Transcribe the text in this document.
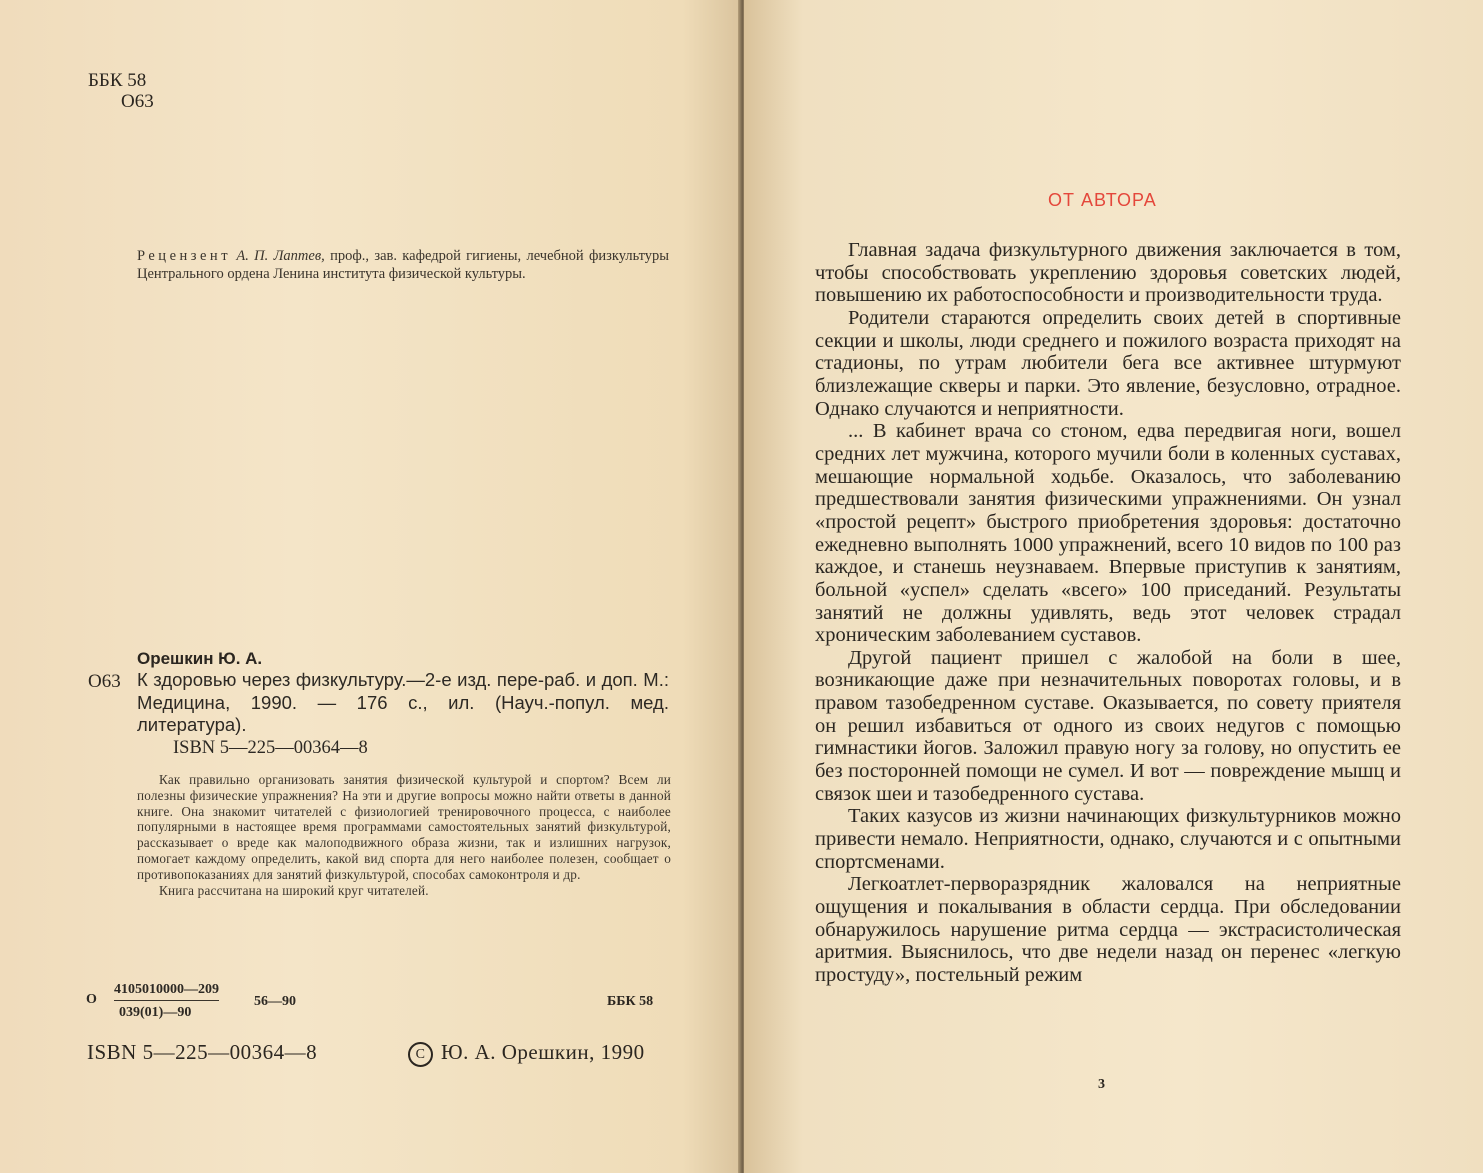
ББК 58
О63
Рецензент А. П. Лаптев, проф., зав. кафедрой гигиены, лечебной физкультуры Центрального ордена Ленина института физической культуры.
Орешкин Ю. А.
О63 К здоровью через физкультуру.—2-е изд. пере-раб. и доп. М.: Медицина, 1990. — 176 с., ил. (Науч.-попул. мед. литература).
ISBN 5—225—00364—8

Как правильно организовать занятия физической культурой и спортом? Всем ли полезны физические упражнения? На эти и другие вопросы можно найти ответы в данной книге. Она знакомит читателей с физиологией тренировочного процесса, с наиболее популярными в настоящее время программами самостоятельных занятий физкультурой, рассказывает о вреде как малоподвижного образа жизни, так и излишних нагрузок, помогает каждому определить, какой вид спорта для него наиболее полезен, сообщает о противопоказаниях для занятий физкультурой, способах самоконтроля и др.

Книга рассчитана на широкий круг читателей.

О
4105010000—209
039(01)—90
56—90	ББК 58
ISBN 5—225—00364—8	C Ю. А. Орешкин, 1990
ОТ АВТОРА

Главная задача физкультурного движения заключается в том, чтобы способствовать укреплению здоровья советских людей, повышению их работоспособности и производительности труда.

Родители стараются определить своих детей в спортивные секции и школы, люди среднего и пожилого возраста приходят на стадионы, по утрам любители бега все активнее штурмуют близлежащие скверы и парки. Это явление, безусловно, отрадное. Однако случаются и неприятности.

... В кабинет врача со стоном, едва передвигая ноги, вошел средних лет мужчина, которого мучили боли в коленных суставах, мешающие нормальной ходьбе. Оказалось, что заболеванию предшествовали занятия физическими упражнениями. Он узнал «простой рецепт» быстрого приобретения здоровья: достаточно ежедневно выполнять 1000 упражнений, всего 10 видов по 100 раз каждое, и станешь неузнаваем. Впервые приступив к занятиям, больной «успел» сделать «всего» 100 приседаний. Результаты занятий не должны удивлять, ведь этот человек страдал хроническим заболеванием суставов.

Другой пациент пришел с жалобой на боли в шее, возникающие даже при незначительных поворотах головы, и в правом тазобедренном суставе. Оказывается, по совету приятеля он решил избавиться от одного из своих недугов с помощью гимнастики йогов. Заложил правую ногу за голову, но опустить ее без посторонней помощи не сумел. И вот — повреждение мышц и связок шеи и тазобедренного сустава.

Таких казусов из жизни начинающих физкультурников можно привести немало. Неприятности, однако, случаются и с опытными спортсменами.

Легкоатлет-перворазрядник жаловался на неприятные ощущения и покалывания в области сердца. При обследовании обнаружилось нарушение ритма сердца — экстрасистолическая аритмия. Выяснилось, что две недели назад он перенес «легкую простуду», постельный режим

3
